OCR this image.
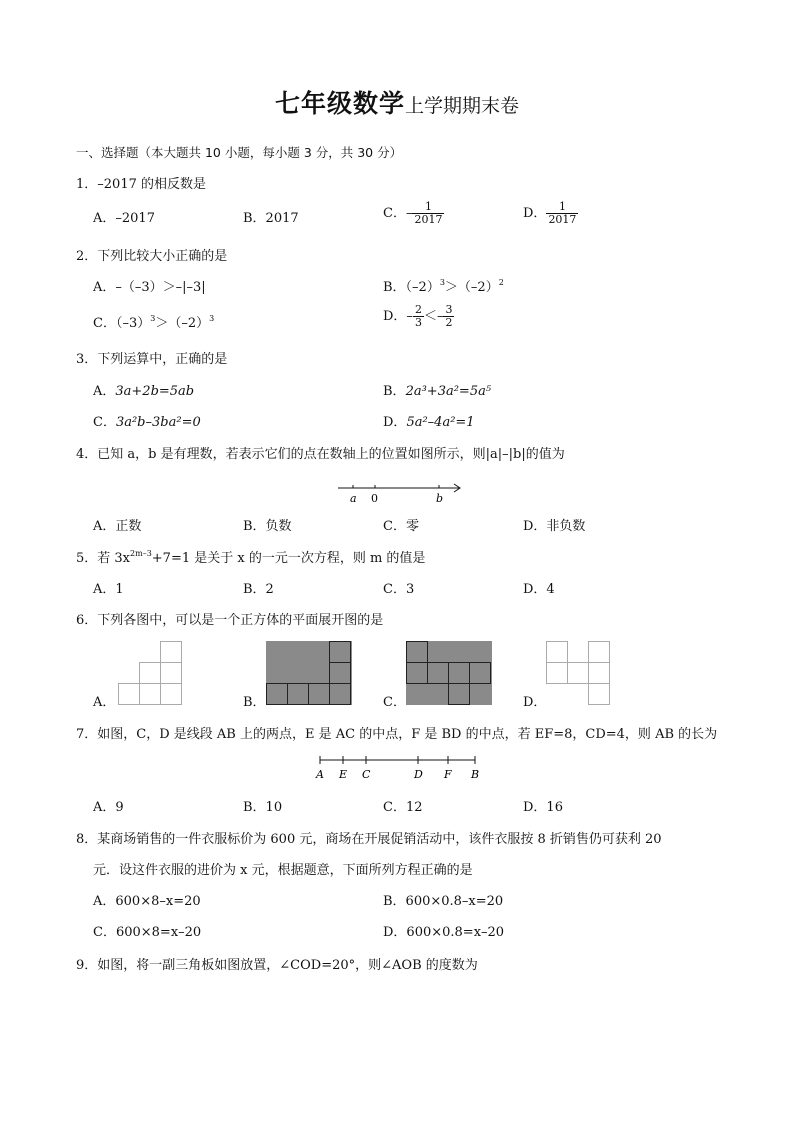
七年级数学上学期期末卷
一、选择题（本大题共 10 小题，每小题 3 分，共 30 分）
1．–2017 的相反数是
A．–2017	B．2017	C．– $\frac{1}{2017}$	D． $\frac{1}{2017}$
2．下列比较大小正确的是
A．–（–3）＞–|–3|	B．$(-2)^3>(-2)^2$
C．$(-3)^3>(-2)^3$	D．– $\frac{2}{3} <- \frac{3}{2}$
3．下列运算中，正确的是
A．3a+2b=5ab	B．2a³+3a²=5a⁵
C．3a²b–3ba²=0	D．5a²–4a²=1
4．已知 a，b 是有理数，若表示它们的点在数轴上的位置如图所示，则|a|–|b|的值为
a 0	b
A．正数	B．负数	C．零	D．非负数
5．若 $3x^{2m-3}+7=1$ 是关于 x 的一元一次方程，则 m 的值是
A．1	B．2	C．3	D．4
6．下列各图中，可以是一个正方体的平面展开图的是
A．	B．	C．	D．
7．如图，C，D 是线段 AB 上的两点，E 是 AC 的中点，F 是 BD 的中点，若 EF=8，CD=4，则 AB 的长为
A E C	D F B
A．9	B．10	C．12	D．16
8．某商场销售的一件衣服标价为 600 元，商场在开展促销活动中，该件衣服按 8 折销售仍可获利 20
元．设这件衣服的进价为 x 元，根据题意，下面所列方程正确的是
A．600×8–x=20	B．600×0.8–x=20
C．600×8=x–20	D．600×0.8=x–20
9．如图，将一副三角板如图放置，∠COD=20°，则∠AOB 的度数为
